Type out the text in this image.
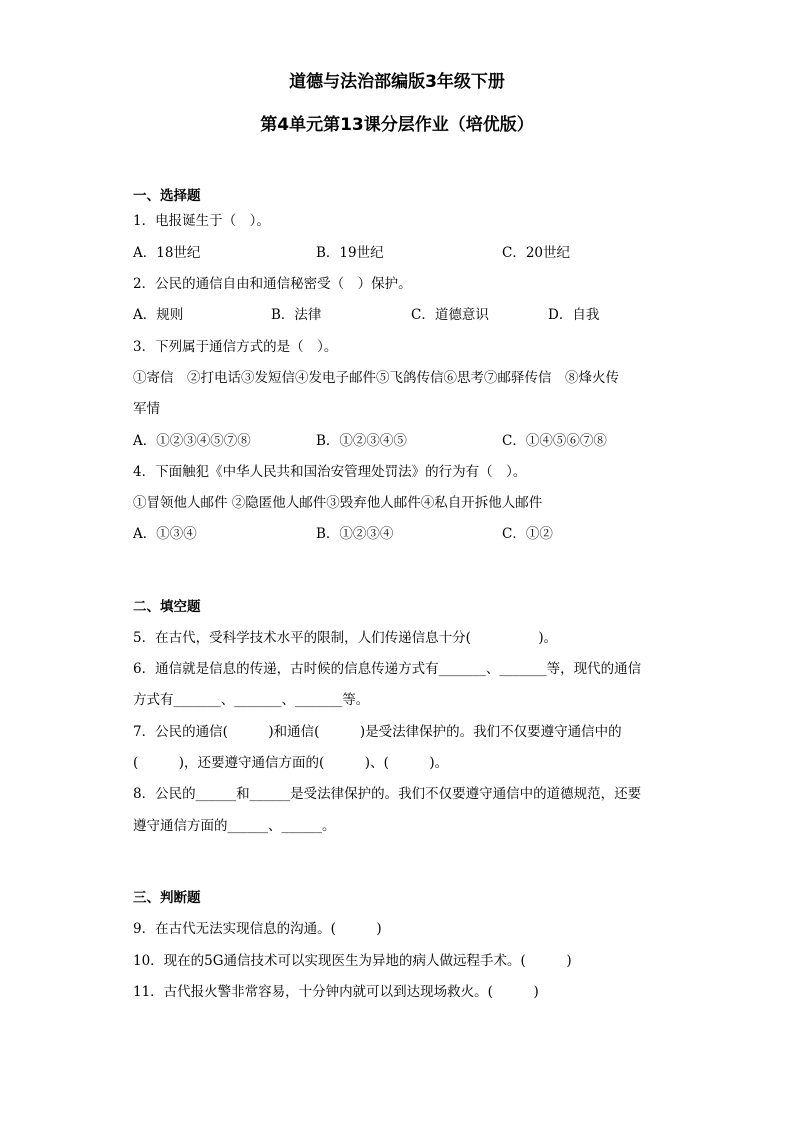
道德与法治部编版3年级下册
第4单元第13课分层作业（培优版）
一、选择题
1．电报诞生于（　）。
A．18世纪	B．19世纪	C．20世纪
2．公民的通信自由和通信秘密受（　）保护。
A．规则	B．法律	C．道德意识	D．自我
3．下列属于通信方式的是（　）。
①寄信　②打电话③发短信④发电子邮件⑤飞鸽传信⑥思考⑦邮驿传信　⑧烽火传
军情
A．①②③④⑤⑦⑧	B．①②③④⑤	C．①④⑤⑥⑦⑧
4．下面触犯《中华人民共和国治安管理处罚法》的行为有（　）。
①冒领他人邮件 ②隐匿他人邮件③毁弃他人邮件④私自开拆他人邮件
A．①③④	B．①②③④	C．①②
二、填空题
5．在古代，受科学技术水平的限制，人们传递信息十分(　　　　　)。
6．通信就是信息的传递，古时候的信息传递方式有_______、_______等，现代的通信
方式有_______、_______、_______等。
7．公民的通信(　　　)和通信(　　　)是受法律保护的。我们不仅要遵守通信中的
(　　　)，还要遵守通信方面的(　　　)、(　　　)。
8．公民的______和______是受法律保护的。我们不仅要遵守通信中的道德规范，还要
遵守通信方面的______、______。
三、判断题
9．在古代无法实现信息的沟通。(　　　)
10．现在的5G通信技术可以实现医生为异地的病人做远程手术。(　　　)
11．古代报火警非常容易，十分钟内就可以到达现场救火。(　　　)
